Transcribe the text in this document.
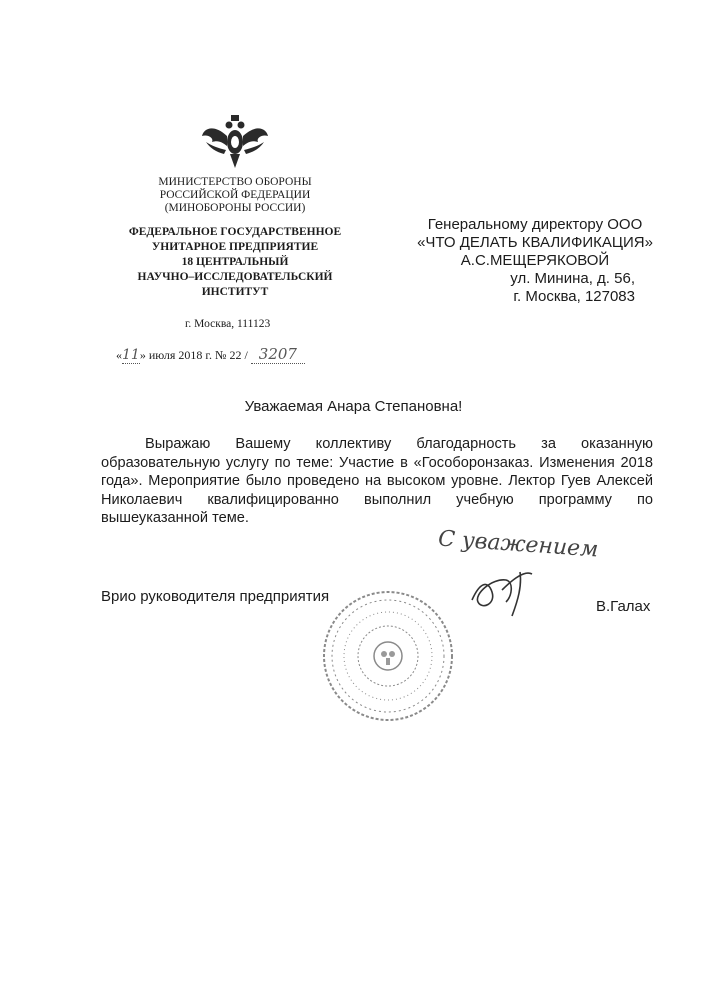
МИНИСТЕРСТВО ОБОРОНЫ
РОССИЙСКОЙ ФЕДЕРАЦИИ
(МИНОБОРОНЫ РОССИИ)
ФЕДЕРАЛЬНОЕ ГОСУДАРСТВЕННОЕ
УНИТАРНОЕ ПРЕДПРИЯТИЕ
18 ЦЕНТРАЛЬНЫЙ
НАУЧНО–ИССЛЕДОВАТЕЛЬСКИЙ
ИНСТИТУТ
г. Москва, 111123
«11» июля 2018 г. № 22 / 3207
Генеральному директору ООО
«ЧТО ДЕЛАТЬ КВАЛИФИКАЦИЯ»
А.С.МЕЩЕРЯКОВОЙ
ул. Минина, д. 56,
г. Москва, 127083
Уважаемая Анара Степановна!
Выражаю Вашему коллективу благодарность за оказанную образовательную услугу по теме: Участие в «Гособоронзаказ. Изменения 2018 года». Мероприятие было проведено на высоком уровне. Лектор Гуев Алексей Николаевич квалифицированно выполнил учебную программу по вышеуказанной теме.
С уважением
Врио руководителя предприятия
В.Галах
